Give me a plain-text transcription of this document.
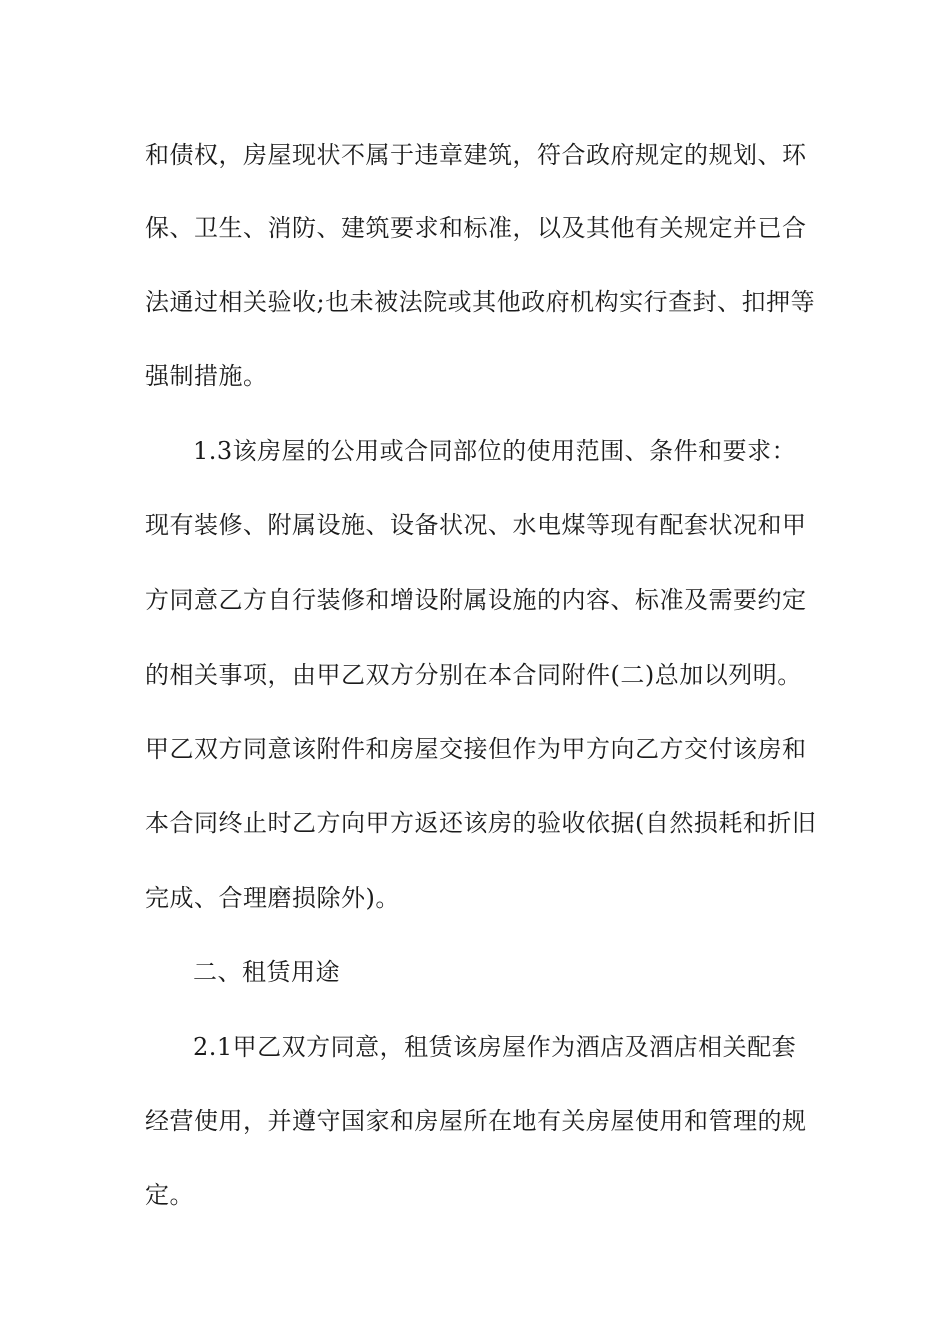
和债权，房屋现状不属于违章建筑，符合政府规定的规划、环
保、卫生、消防、建筑要求和标准，以及其他有关规定并已合
法通过相关验收;也未被法院或其他政府机构实行查封、扣押等
强制措施。
1.3该房屋的公用或合同部位的使用范围、条件和要求：
现有装修、附属设施、设备状况、水电煤等现有配套状况和甲
方同意乙方自行装修和增设附属设施的内容、标准及需要约定
的相关事项，由甲乙双方分别在本合同附件(二)总加以列明。
甲乙双方同意该附件和房屋交接但作为甲方向乙方交付该房和
本合同终止时乙方向甲方返还该房的验收依据(自然损耗和折旧
完成、合理磨损除外)。
二、租赁用途
2.1甲乙双方同意，租赁该房屋作为酒店及酒店相关配套
经营使用，并遵守国家和房屋所在地有关房屋使用和管理的规
定。
